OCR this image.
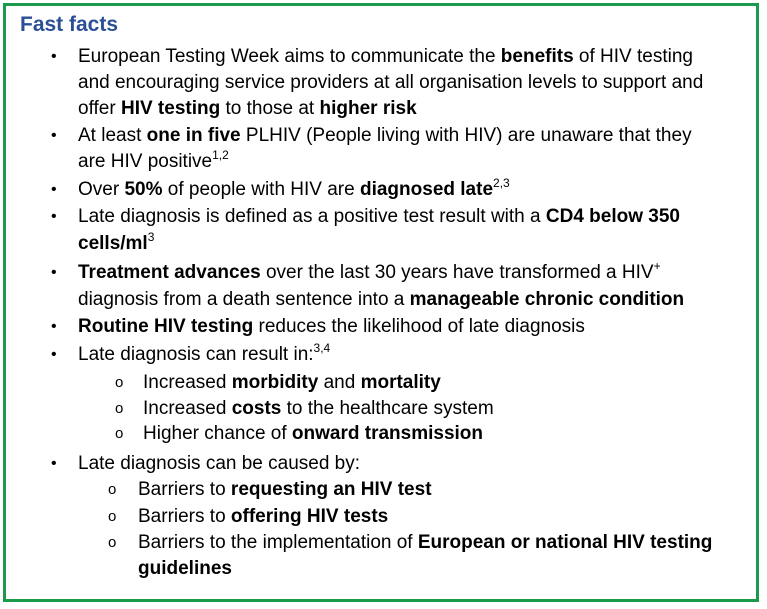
Fast facts
• European Testing Week aims to communicate the benefits of HIV testing
and encouraging service providers at all organisation levels to support and
offer HIV testing to those at higher risk
• At least one in five PLHIV (People living with HIV) are unaware that they
are HIV positive$^{1,2}$
• Over 50% of people with HIV are diagnosed late$^{2,3}$
• Late diagnosis is defined as a positive test result with a CD4 below 350
cells/$ml^3$
• Treatment advances over the last 30 years have transformed a HIV+
diagnosis from a death sentence into a manageable chronic condition
• Routine HIV testing reduces the likelihood of late diagnosis
• Late diagnosis can result in:$^{3,4}$
o Increased morbidity and mortality
o Increased costs to the healthcare system
o Higher chance of onward transmission
• Late diagnosis can be caused by:
o Barriers to requesting an HIV test
o Barriers to offering HIV tests
o Barriers to the implementation of European or national HIV testing
guidelines
